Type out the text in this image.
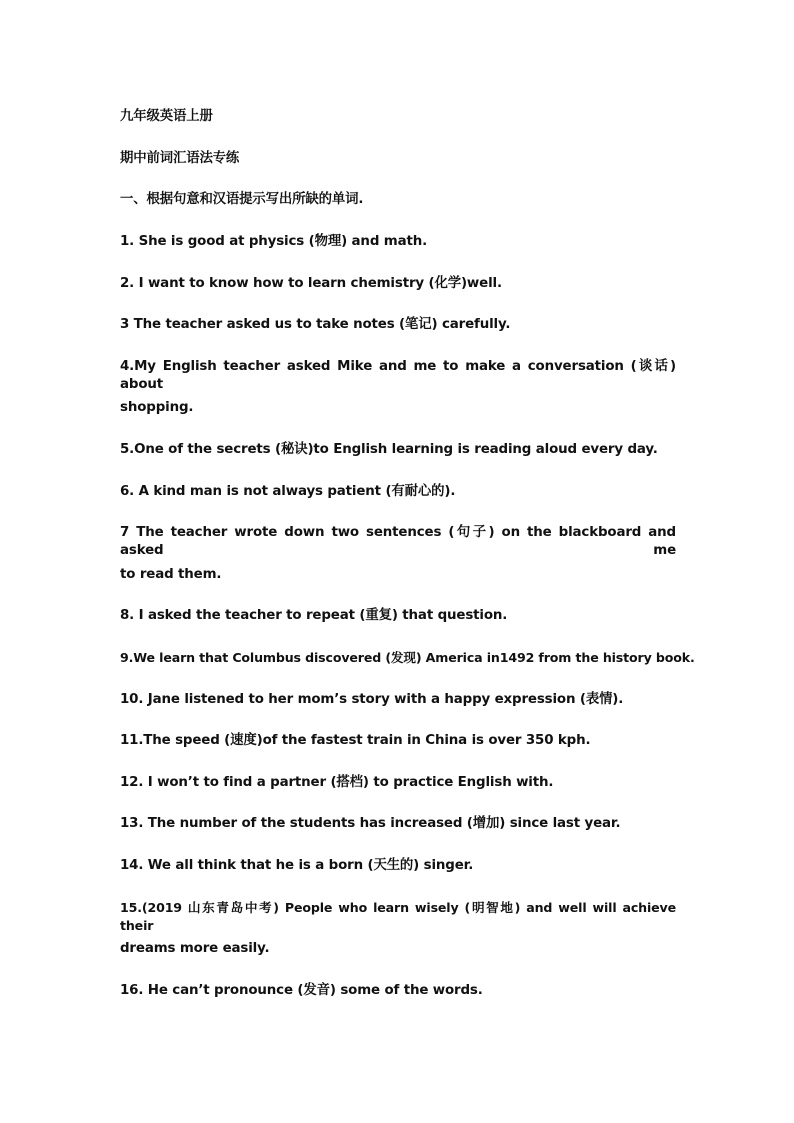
九年级英语上册
期中前词汇语法专练
一、根据句意和汉语提示写出所缺的单词.
1. She is good at physics (物理) and math.
2. I want to know how to learn chemistry (化学)well.
3 The teacher asked us to take notes (笔记) carefully.
4.My English teacher asked Mike and me to make a conversation (谈话) about
shopping.
5.One of the secrets (秘诀)to English learning is reading aloud every day.
6. A kind man is not always patient (有耐心的).
7 The teacher wrote down two sentences (句子) on the blackboard and asked me
to read them.
8. I asked the teacher to repeat (重复) that question.
9.We learn that Columbus discovered (发现) America in1492 from the history book.
10. Jane listened to her mom’s story with a happy expression (表情).
11.The speed (速度)of the fastest train in China is over 350 kph.
12. I won’t to find a partner (搭档) to practice English with.
13. The number of the students has increased (增加) since last year.
14. We all think that he is a born (天生的) singer.
15.(2019 山东青岛中考) People who learn wisely (明智地) and well will achieve their
dreams more easily.
16. He can’t pronounce (发音) some of the words.
